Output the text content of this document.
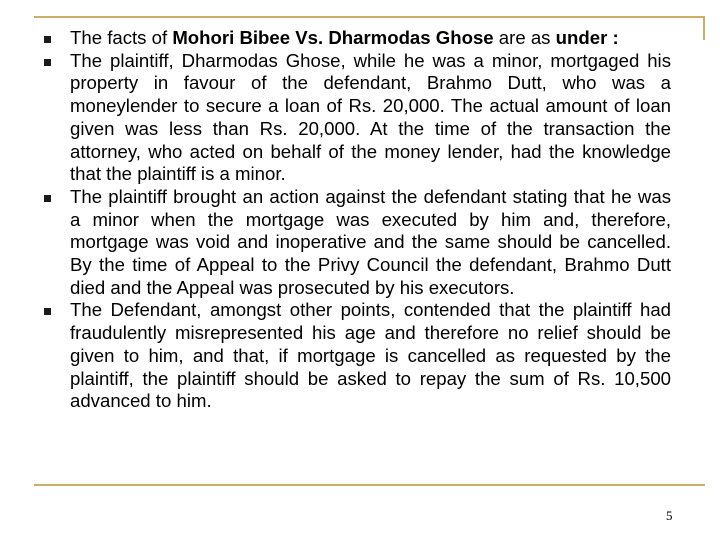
The facts of Mohori Bibee Vs. Dharmodas Ghose are as under :

The plaintiff, Dharmodas Ghose, while he was a minor, mortgaged his property in favour of the defendant, Brahmo Dutt, who was a moneylender to secure a loan of Rs. 20,000. The actual amount of loan given was less than Rs. 20,000. At the time of the transaction the attorney, who acted on behalf of the money lender, had the knowledge that the plaintiff is a minor.

The plaintiff brought an action against the defendant stating that he was a minor when the mortgage was executed by him and, therefore, mortgage was void and inoperative and the same should be cancelled. By the time of Appeal to the Privy Council the defendant, Brahmo Dutt died and the Appeal was prosecuted by his executors.

The Defendant, amongst other points, contended that the plaintiff had fraudulently misrepresented his age and therefore no relief should be given to him, and that, if mortgage is cancelled as requested by the plaintiff, the plaintiff should be asked to repay the sum of Rs. 10,500 advanced to him.

5
